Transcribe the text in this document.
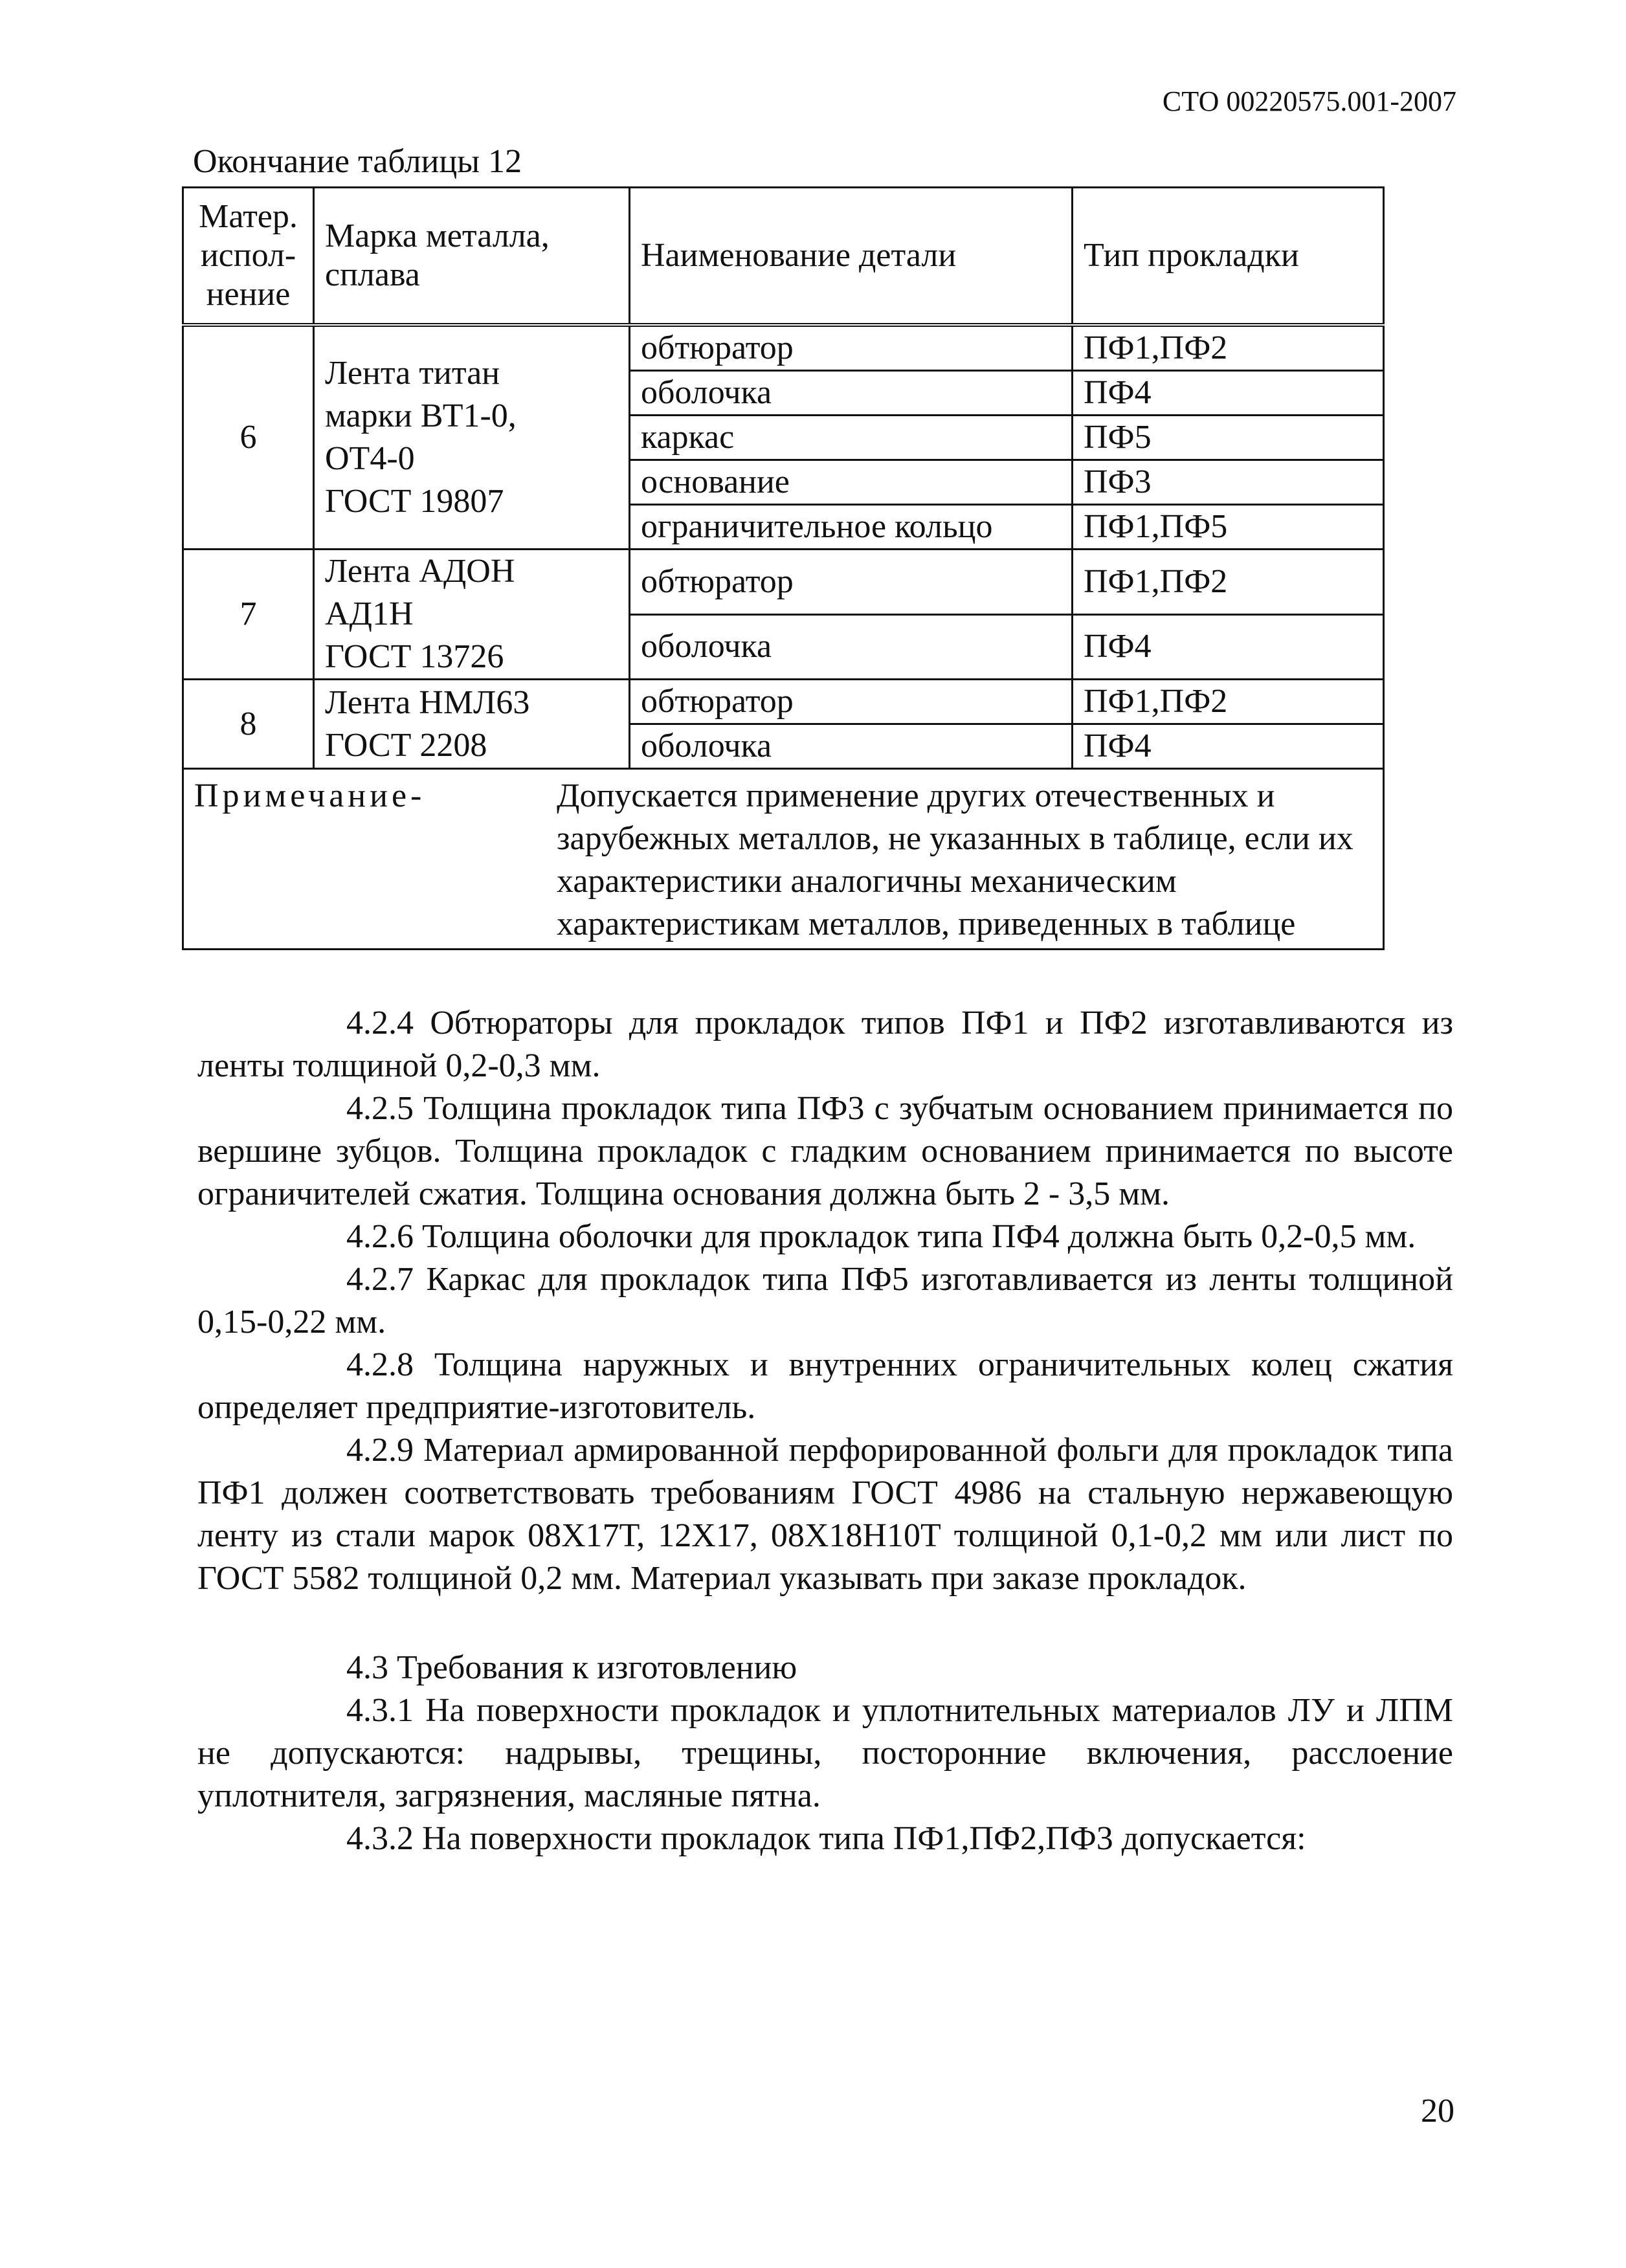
СТО 00220575.001-2007
Окончание таблицы 12
Матер.
испол-
нение	Марка металла, сплава	Наименование детали	Тип прокладки
6	Лента титан
марки ВТ1-0,
ОТ4-0
ГОСТ 19807	обтюратор	ПФ1,ПФ2
		оболочка	ПФ4
		каркас	ПФ5
		основание	ПФ3
		ограничительное кольцо	ПФ1,ПФ5
7	Лента АДОН
АД1Н
ГОСТ 13726	обтюратор	ПФ1,ПФ2
		оболочка	ПФ4
8	Лента НМЛ63
ГОСТ 2208	обтюратор	ПФ1,ПФ2
		оболочка	ПФ4

Примечание- Допускается применение других отечественных и зарубежных металлов, не указанных в таблице, если их характеристики аналогичны механическим характеристикам металлов, приведенных в таблице			

4.2.4 Обтюраторы для прокладок типов ПФ1 и ПФ2 изготавливаются из ленты толщиной 0,2-0,3 мм.

4.2.5 Толщина прокладок типа ПФ3 с зубчатым основанием принимается по вершине зубцов. Толщина прокладок с гладким основанием принимается по высоте ограничителей сжатия. Толщина основания должна быть 2 - 3,5 мм.

4.2.6 Толщина оболочки для прокладок типа ПФ4 должна быть 0,2-0,5 мм.

4.2.7 Каркас для прокладок типа ПФ5 изготавливается из ленты толщиной 0,15-0,22 мм.

4.2.8 Толщина наружных и внутренних ограничительных колец сжатия определяет предприятие-изготовитель.

4.2.9 Материал армированной перфорированной фольги для прокладок типа ПФ1 должен соответствовать требованиям ГОСТ 4986 на стальную нержавеющую ленту из стали марок 08Х17Т, 12Х17, 08Х18Н10Т толщиной 0,1-0,2 мм или лист по ГОСТ 5582 толщиной 0,2 мм. Материал указывать при заказе прокладок.

4.3 Требования к изготовлению

4.3.1 На поверхности прокладок и уплотнительных материалов ЛУ и ЛПМ не допускаются: надрывы, трещины, посторонние включения, расслоение уплотнителя, загрязнения, масляные пятна.

4.3.2 На поверхности прокладок типа ПФ1,ПФ2,ПФ3 допускается:

20
